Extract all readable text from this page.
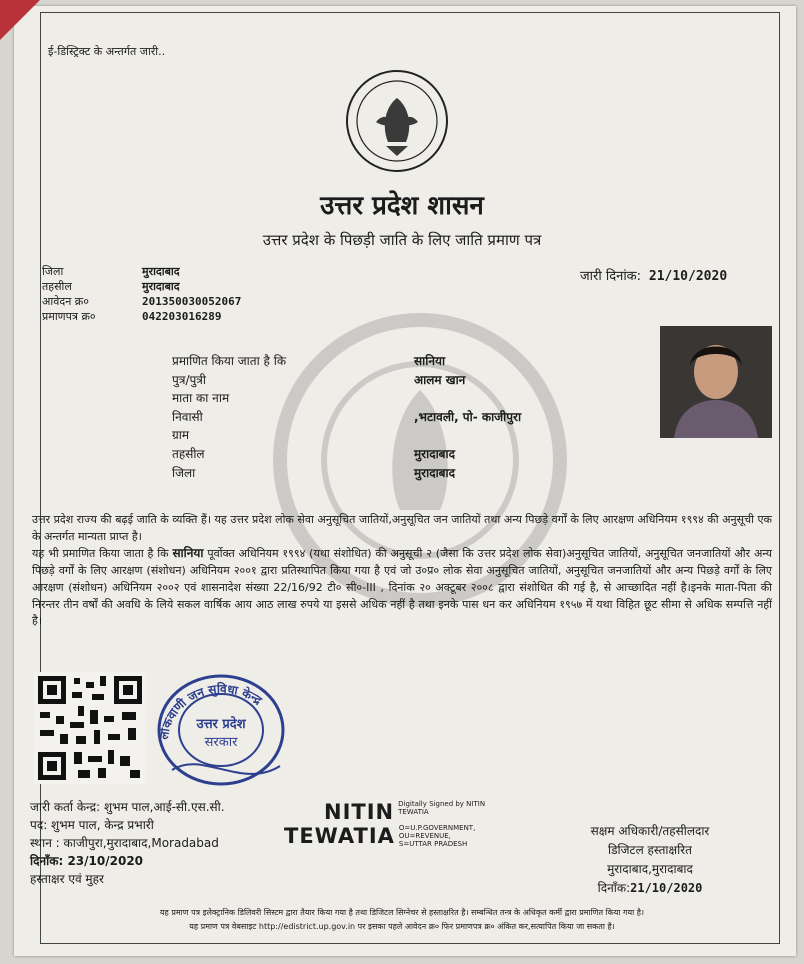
ई-डिस्ट्रिक्ट के अन्तर्गत जारी..
उत्तर प्रदेश शासन
उत्तर प्रदेश के पिछड़ी जाति के लिए जाति प्रमाण पत्र
जिला	मुरादाबाद
तहसील	मुरादाबाद
आवेदन क्र०	201350030052067
प्रमाणपत्र क्र०	042203016289
जारी दिनांक: 21/10/2020
प्रमाणित किया जाता है कि	सानिया
पुत्र/पुत्री	आलम खान
माता का नाम
निवासी	,भटावली, पो- काजीपुरा
ग्राम
तहसील	मुरादाबाद
जिला	मुरादाबाद
उत्तर प्रदेश राज्य की बढ़ई जाति के व्यक्ति हैं। यह उत्तर प्रदेश लोक सेवा अनुसूचित जातियों,अनुसूचित जन जातियों तथा अन्य पिछड़े वर्गों के लिए आरक्षण अधिनियम १९९४ की अनुसूची एक के अन्तर्गत मान्यता प्राप्त है।
यह भी प्रमाणित किया जाता है कि सानिया पूर्वोक्त अधिनियम १९९४ (यथा संशोधित) की अनुसूची २ (जैसा कि उत्तर प्रदेश लोक सेवा)अनुसूचित जातियों, अनुसूचित जनजातियों और अन्य पिछड़े वर्गों के लिए आरक्षण (संशोधन) अधिनियम २००१ द्वारा प्रतिस्थापित किया गया है एवं जो उ०प्र० लोक सेवा अनुसूचित जातियों, अनुसूचित जनजातियों और अन्य पिछड़े वर्गों के लिए आरक्षण (संशोधन) अधिनियम २००२ एवं शासनादेश संख्या 22/16/92 टी० सी०-III , दिनांक २० अक्टूबर २००८ द्वारा संशोधित की गई है, से आच्छादित नहीं है।इनके माता-पिता की निरन्तर तीन वर्षों की अवधि के लिये सकल वार्षिक आय आठ लाख रुपये या इससे अधिक नहीं है तथा इनके पास धन कर अधिनियम १९५७ में यथा विहित छूट सीमा से अधिक सम्पत्ति नहीं है।
लोकवाणी जन सुविधा केन्द्र
उत्तर प्रदेश
सरकार
जारी कर्ता केन्द्र: शुभम पाल,आई-सी.एस.सी.
पद: शुभम पाल, केन्द्र प्रभारी
स्थान : काजीपुरा,मुरादाबाद,Moradabad
दिनाँक: 23/10/2020
हस्ताक्षर एवं मुहर
NITIN Digitally Signed by NITIN
TEWATIA
TEWATIA O=U.P.GOVERNMENT,
OU=REVENUE,
S=UTTAR PRADESH
सक्षम अधिकारी/तहसीलदार
डिजिटल हस्ताक्षरित
मुरादाबाद,मुरादाबाद
दिनाँक:21/10/2020
यह प्रमाण पत्र इलेक्ट्रानिक डिलिवरी सिस्टम द्वारा तैयार किया गया है तथा डिजिटल सिग्नेचर से हस्ताक्षरित है। सम्बन्धित तन्त्र के अधिकृत कर्मी द्वारा प्रमाणित किया गया है।
यह प्रमाण पत्र वेबसाइट http://edistrict.up.gov.in पर इसका पहले आवेदन क्र० फिर प्रमाणपत्र क्र० अंकित कर,सत्यापित किया जा सकता है।
